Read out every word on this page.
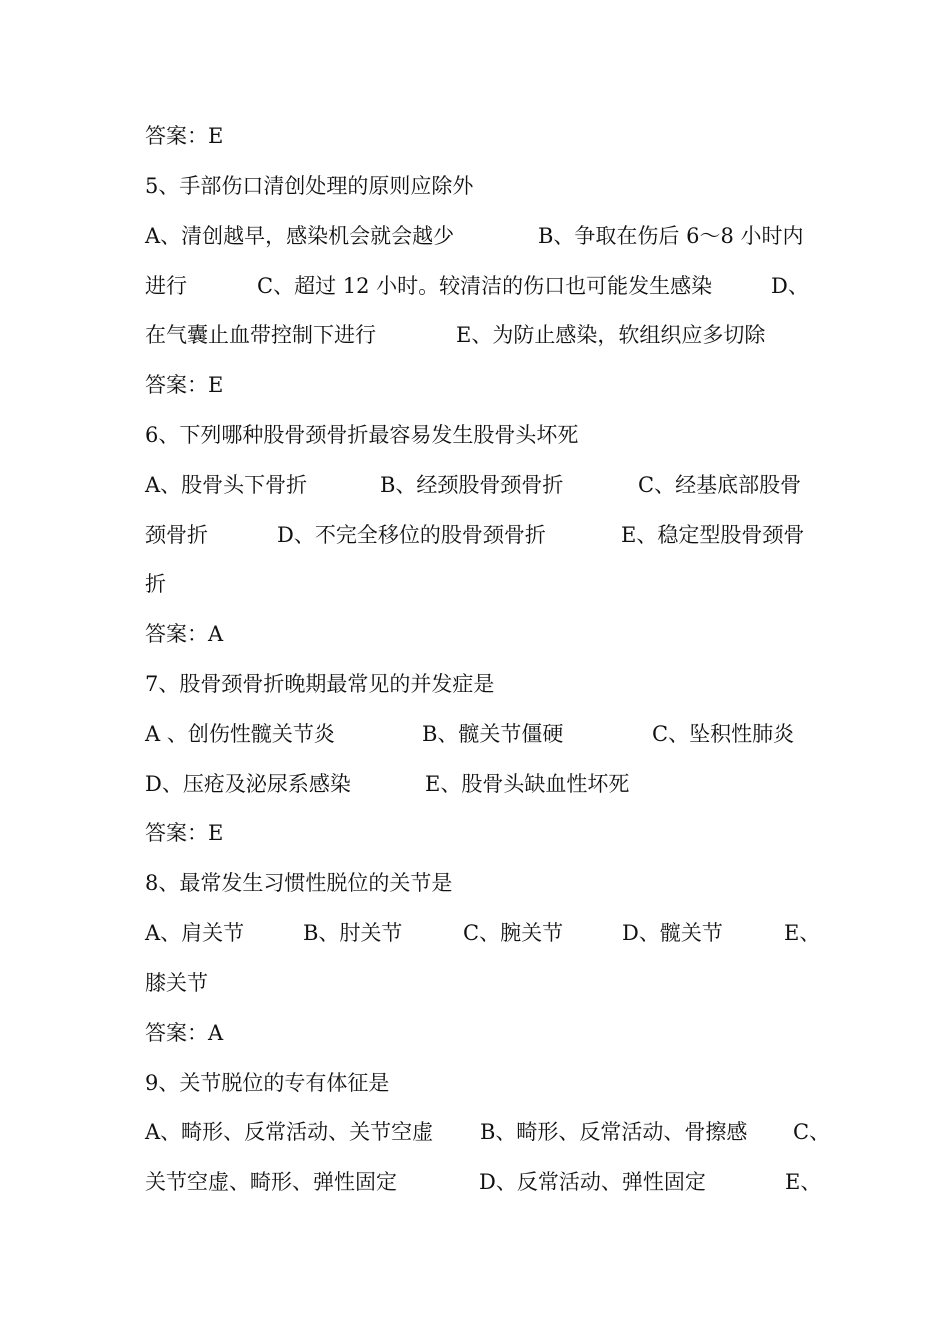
答案：E
5、手部伤口清创处理的原则应除外

A、清创越早，感染机会就会越少

	B、争取在伤后 6～8 小时内

进行

	C、超过 12 小时。较清洁的伤口也可能发生感染

	D、

在气囊止血带控制下进行

	E、为防止感染，软组织应多切除

答案：E
6、下列哪种股骨颈骨折最容易发生股骨头坏死

A、股骨头下骨折

	B、经颈股骨颈骨折

	C、经基底部股骨

颈骨折

	D、不完全移位的股骨颈骨折

	E、稳定型股骨颈骨

折
答案：A
7、股骨颈骨折晚期最常见的并发症是

A 、创伤性髋关节炎

	B、髋关节僵硬

	C、坠积性肺炎

D、压疮及泌尿系感染

	E、股骨头缺血性坏死

答案：E
8、最常发生习惯性脱位的关节是

A、肩关节

	B、肘关节

	C、腕关节

	D、髋关节

	E、

膝关节
答案：A
9、关节脱位的专有体征是

A、畸形、反常活动、关节空虚

B、畸形、反常活动、骨擦感

C、

关节空虚、畸形、弹性固定

	D、反常活动、弹性固定

	E、
